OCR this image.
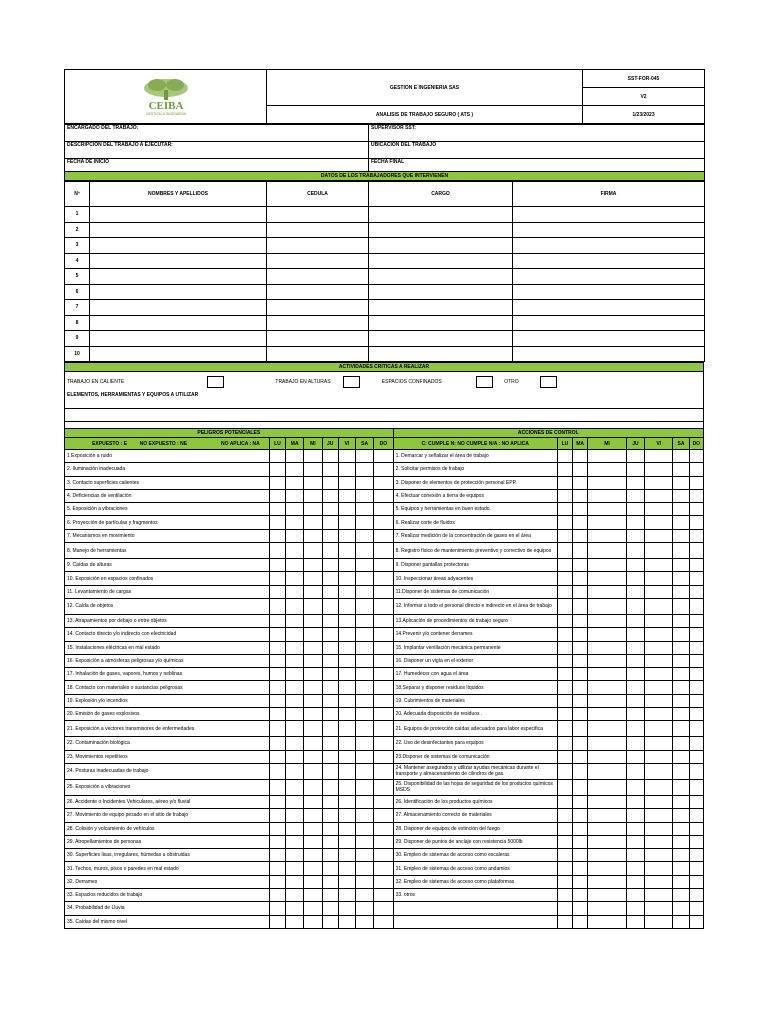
CEIBA
GESTION & INGENIERIA	GESTION E INGENIERIA SAS	SST-FOR-045
		V2
	ANALISIS DE TRABAJO SEGURO ( ATS )	1/23/2023
ENCARGADO DEL TRABAJO:	SUPERVISOR SST:
DESCRIPCION DEL TRABAJO A EJECUTAR:	UBICACIÓN DEL TRABAJO
FECHA DE INICIO	FECHA FINAL
DATOS DE LOS TRABAJADORES QUE INTERVIENEN	
Nº	NOMBRES Y APELLIDOS	CEDULA	CARGO	FIRMA
1				
2				
3				
4				
5				
6				
7				
8				
9				
10				
ACTIVIDADES CRITICAS A REALIZAR
TRABAJO EN CALIENTE	TRABAJO EN ALTURAS	ESPACIOS CONFINADOS	OTRO
ELEMENTOS, HERRAMIENTAS Y EQUIPOS A UTILIZAR

PELIGROS POTENCIALES								ACCIONES DE CONTROL							
EXPUESTO : E NO EXPUESTO : NE NO APLICA : NA	LU	MA	MI	JU	VI	SA	DO	C: CUMPLE N: NO CUMPLE N/A : NO APLICA	LU	MA	MI	JU	VI	SA	DO
1 Exposición a ruido								1. Demarcar y señalizar el área de trabajo							
2. Iluminación inadecuada								2. Solicitar permisos de trabajo							
3. Contacto superficies calientes								3. Disponer de elementos de protección personal EPP.							
4. Deficiencias de ventilación								4. Efectuar conexión a tierra de equipos							
5. Exposición a vibraciones								5. Equipos y herramientas en buen estado.							
6. Proyección de partículas y fragmentos								6. Realizar corte de fluidos							
7. Mecanismos en movimiento								7. Realizar medición de la concentración de gases en el área							
8. Manejo de herramientas								8. Registro físico de mantenimiento preventivo y correctivo de equipos							
9. Caídas de alturas								9. Disponer pantallas protectoras							
10. Exposición en espacios confinados								10. Inspeccionar áreas adyacentes							
11. Levantamiento de cargas								11.Disponer de sistemas de comunicación							
12. Caída de objetos								12. Informar a todo el personal directo e indirecto en el área de trabajo							
13. Atrapamientos por debajo o entre objetos								13.Aplicación de procedimientos de trabajo seguro							
14. Contacto directo y/o indirecto con electricidad								14.Prevenir y/o contener derrames							
15. Instalaciones eléctricas en mal estado								15. Implantar ventilación mecánica permanente							
16. Exposición a atmósferas peligrosas y/o químicas								16. Disponer un vigía en el exterior							
17. Inhalación de gases, vapores, humos y neblinas								17. Humedecer con agua el área							
18. Contacto con materiales o sustancias peligrosas								18.Separar y disponer residuos líquidos							
19. Explosión y/o incendios								19. Cubrimientos de materiales							
20. Emisión de gases explosivos								20. Adecuada disposición de residuos .							
21. Exposición a vectores transmisores de enfermedades								21. Equipos de protección caídas adecuados para labor especifica							
22. Contaminación biológica								22. Uso de desinfectantes para equipos							
23. Movimientos repetitivos								23.Disponer de sistemas de comunicación							
24. Posturas inadecuadas de trabajo								24. Mantener asegurados y utilizar ayudas mecánicas durante el transporte y almacenamiento de cilindros de gas.							
25. Exposición a vibraciones								25. Disponibilidad de las hojas de seguridad de los productos químicos MSDS							
26. Accidente o Incidentes Vehiculares, aéreo y/o fluvial								26. Identificación de los productos químicos							
27. Movimiento de equipo pesado en el sitio de trabajo								27. Almacenamiento correcto de materiales							
28. Colisión y volcamiento de vehículos								28. Disponer de equipos de extinción del fuego							
29. Atropellamientos de personas								29. Disponer de puntos de anclaje con resistencia 5000lb							
30. Superficies lisas, irregulares, húmedas u obstruidas								30. Empleo de sistemas de acceso como escaleras							
31. Techos, muros, pisos o paredes en mal estado								31. Empleo de sistemas de acceso como andamios							
32. Derrames								32. Empleo de sistemas de acceso como plataformas							
33. Espacios reducidos de trabajo								33. otros							
34. Probabilidad de Lluvia															
35. Caídas del mismo nivel															
